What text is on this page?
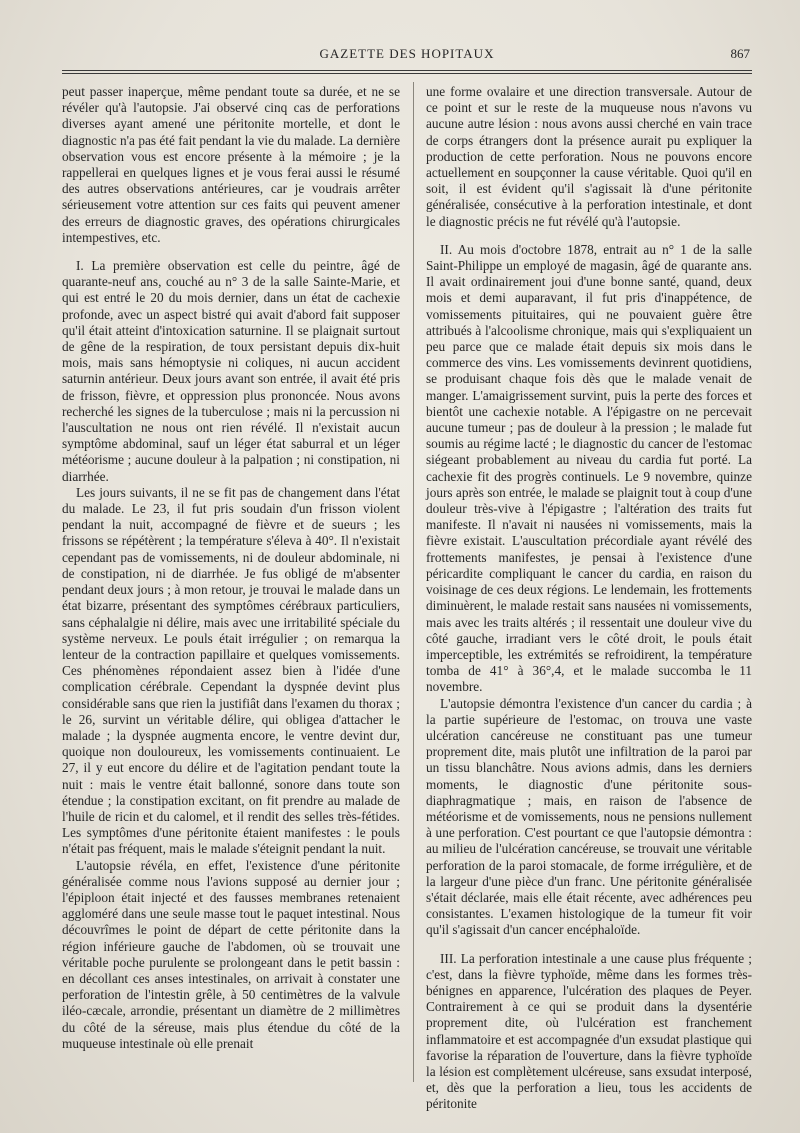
GAZETTE DES HOPITAUX	867

peut passer inaperçue, même pendant toute sa durée, et ne se révéler qu'à l'autopsie. J'ai observé cinq cas de perforations diverses ayant amené une péritonite mortelle, et dont le diagnostic n'a pas été fait pendant la vie du malade. La dernière observation vous est encore présente à la mémoire ; je la rappellerai en quelques lignes et je vous ferai aussi le résumé des autres observations antérieures, car je voudrais arrêter sérieusement votre attention sur ces faits qui peuvent amener des erreurs de diagnostic graves, des opérations chirurgicales intempestives, etc.

I. La première observation est celle du peintre, âgé de quarante-neuf ans, couché au n° 3 de la salle Sainte-Marie, et qui est entré le 20 du mois dernier, dans un état de cachexie profonde, avec un aspect bistré qui avait d'abord fait supposer qu'il était atteint d'intoxication saturnine. Il se plaignait surtout de gêne de la respiration, de toux persistant depuis dix-huit mois, mais sans hémoptysie ni coliques, ni aucun accident saturnin antérieur. Deux jours avant son entrée, il avait été pris de frisson, fièvre, et oppression plus prononcée. Nous avons recherché les signes de la tuberculose ; mais ni la percussion ni l'auscultation ne nous ont rien révélé. Il n'existait aucun symptôme abdominal, sauf un léger état saburral et un léger météorisme ; aucune douleur à la palpation ; ni constipation, ni diarrhée.

Les jours suivants, il ne se fit pas de changement dans l'état du malade. Le 23, il fut pris soudain d'un frisson violent pendant la nuit, accompagné de fièvre et de sueurs ; les frissons se répétèrent ; la température s'éleva à 40°. Il n'existait cependant pas de vomissements, ni de douleur abdominale, ni de constipation, ni de diarrhée. Je fus obligé de m'absenter pendant deux jours ; à mon retour, je trouvai le malade dans un état bizarre, présentant des symptômes cérébraux particuliers, sans céphalalgie ni délire, mais avec une irritabilité spéciale du système nerveux. Le pouls était irrégulier ; on remarqua la lenteur de la contraction papillaire et quelques vomissements. Ces phénomènes répondaient assez bien à l'idée d'une complication cérébrale. Cependant la dyspnée devint plus considérable sans que rien la justifiât dans l'examen du thorax ; le 26, survint un véritable délire, qui obligea d'attacher le malade ; la dyspnée augmenta encore, le ventre devint dur, quoique non douloureux, les vomissements continuaient. Le 27, il y eut encore du délire et de l'agitation pendant toute la nuit : mais le ventre était ballonné, sonore dans toute son étendue ; la constipation excitant, on fit prendre au malade de l'huile de ricin et du calomel, et il rendit des selles très-fétides. Les symptômes d'une péritonite étaient manifestes : le pouls n'était pas fréquent, mais le malade s'éteignit pendant la nuit.

L'autopsie révéla, en effet, l'existence d'une péritonite généralisée comme nous l'avions supposé au dernier jour ; l'épiploon était injecté et des fausses membranes retenaient aggloméré dans une seule masse tout le paquet intestinal. Nous découvrîmes le point de départ de cette péritonite dans la région inférieure gauche de l'abdomen, où se trouvait une véritable poche purulente se prolongeant dans le petit bassin : en décollant ces anses intestinales, on arrivait à constater une perforation de l'intestin grêle, à 50 centimètres de la valvule iléo-cæcale, arrondie, présentant un diamètre de 2 millimètres du côté de la séreuse, mais plus étendue du côté de la muqueuse intestinale où elle prenait

une forme ovalaire et une direction transversale. Autour de ce point et sur le reste de la muqueuse nous n'avons vu aucune autre lésion : nous avons aussi cherché en vain trace de corps étrangers dont la présence aurait pu expliquer la production de cette perforation. Nous ne pouvons encore actuellement en soupçonner la cause véritable. Quoi qu'il en soit, il est évident qu'il s'agissait là d'une péritonite généralisée, consécutive à la perforation intestinale, et dont le diagnostic précis ne fut révélé qu'à l'autopsie.

II. Au mois d'octobre 1878, entrait au n° 1 de la salle Saint-Philippe un employé de magasin, âgé de quarante ans. Il avait ordinairement joui d'une bonne santé, quand, deux mois et demi auparavant, il fut pris d'inappétence, de vomissements pituitaires, qui ne pouvaient guère être attribués à l'alcoolisme chronique, mais qui s'expliquaient un peu parce que ce malade était depuis six mois dans le commerce des vins. Les vomissements devinrent quotidiens, se produisant chaque fois dès que le malade venait de manger. L'amaigrissement survint, puis la perte des forces et bientôt une cachexie notable. A l'épigastre on ne percevait aucune tumeur ; pas de douleur à la pression ; le malade fut soumis au régime lacté ; le diagnostic du cancer de l'estomac siégeant probablement au niveau du cardia fut porté. La cachexie fit des progrès continuels. Le 9 novembre, quinze jours après son entrée, le malade se plaignit tout à coup d'une douleur très-vive à l'épigastre ; l'altération des traits fut manifeste. Il n'avait ni nausées ni vomissements, mais la fièvre existait. L'auscultation précordiale ayant révélé des frottements manifestes, je pensai à l'existence d'une péricardite compliquant le cancer du cardia, en raison du voisinage de ces deux régions. Le lendemain, les frottements diminuèrent, le malade restait sans nausées ni vomissements, mais avec les traits altérés ; il ressentait une douleur vive du côté gauche, irradiant vers le côté droit, le pouls était imperceptible, les extrémités se refroidirent, la température tomba de 41° à 36°,4, et le malade succomba le 11 novembre.

L'autopsie démontra l'existence d'un cancer du cardia ; à la partie supérieure de l'estomac, on trouva une vaste ulcération cancéreuse ne constituant pas une tumeur proprement dite, mais plutôt une infiltration de la paroi par un tissu blanchâtre. Nous avions admis, dans les derniers moments, le diagnostic d'une péritonite sous-diaphragmatique ; mais, en raison de l'absence de météorisme et de vomissements, nous ne pensions nullement à une perforation. C'est pourtant ce que l'autopsie démontra : au milieu de l'ulcération cancéreuse, se trouvait une véritable perforation de la paroi stomacale, de forme irrégulière, et de la largeur d'une pièce d'un franc. Une péritonite généralisée s'était déclarée, mais elle était récente, avec adhérences peu consistantes. L'examen histologique de la tumeur fit voir qu'il s'agissait d'un cancer encéphaloïde.

III. La perforation intestinale a une cause plus fréquente ; c'est, dans la fièvre typhoïde, même dans les formes très-bénignes en apparence, l'ulcération des plaques de Peyer. Contrairement à ce qui se produit dans la dysentérie proprement dite, où l'ulcération est franchement inflammatoire et est accompagnée d'un exsudat plastique qui favorise la réparation de l'ouverture, dans la fièvre typhoïde la lésion est complètement ulcéreuse, sans exsudat interposé, et, dès que la perforation a lieu, tous les accidents de péritonite
